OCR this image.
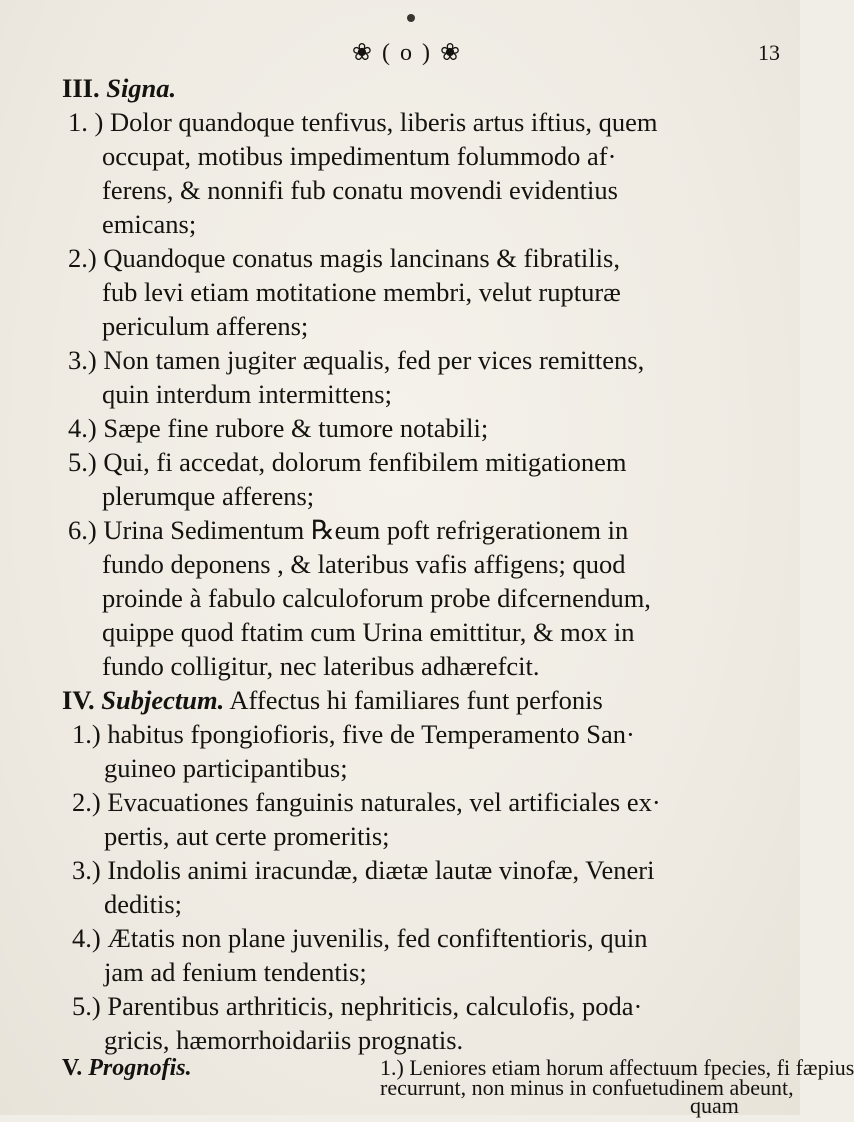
❀ ( o ) ❀	13
III. Signa.
1. ) Dolor quandoque tenfivus, liberis artus iftius, quem
occupat, motibus impedimentum folummodo af·
ferens, & nonnifi fub conatu movendi evidentius
emicans;
2.) Quandoque conatus magis lancinans & fibratilis,
fub levi etiam motitatione membri, velut rupturæ
periculum afferens;
3.) Non tamen jugiter æqualis, fed per vices remittens,
quin interdum intermittens;
4.) Sæpe fine rubore & tumore notabili;
5.) Qui, fi accedat, dolorum fenfibilem mitigationem
plerumque afferens;
6.) Urina Sedimentum ℞eum poft refrigerationem in
fundo deponens , & lateribus vafis affigens; quod
proinde à fabulo calculoforum probe difcernendum,
quippe quod ftatim cum Urina emittitur, & mox in
fundo colligitur, nec lateribus adhærefcit.
IV. Subjectum. Affectus hi familiares funt perfonis
1.) habitus fpongiofioris, five de Temperamento San·
guineo participantibus;
2.) Evacuationes fanguinis naturales, vel artificiales ex·
pertis, aut certe promeritis;
3.) Indolis animi iracundæ, diætæ lautæ vinofæ, Veneri
deditis;
4.) Ætatis non plane juvenilis, fed confiftentioris, quin
jam ad fenium tendentis;
5.) Parentibus arthriticis, nephriticis, calculofis, poda·
gricis, hæmorrhoidariis prognatis.
V. Prognofis.	1.) Leniores etiam horum affectuum fpecies, fi fæpius
recurrunt, non minus in confuetudinem abeunt,
quam
